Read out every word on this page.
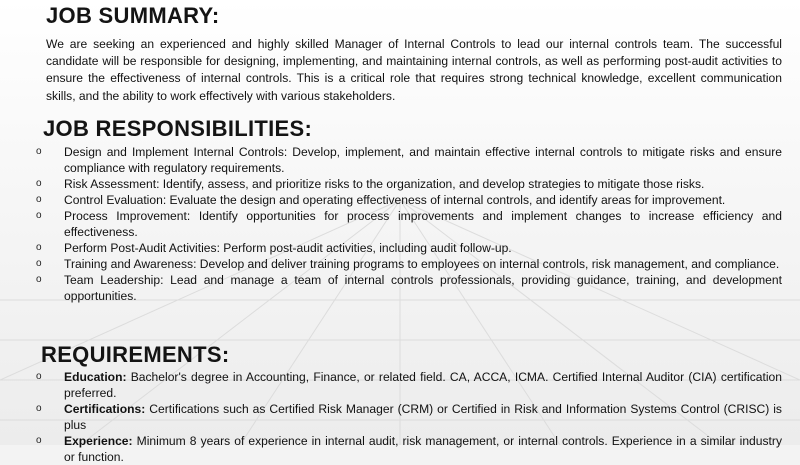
JOB SUMMARY:
We are seeking an experienced and highly skilled Manager of Internal Controls to lead our internal controls team. The successful candidate will be responsible for designing, implementing, and maintaining internal controls, as well as performing post-audit activities to ensure the effectiveness of internal controls. This is a critical role that requires strong technical knowledge, excellent communication skills, and the ability to work effectively with various stakeholders.
JOB RESPONSIBILITIES:
o Design and Implement Internal Controls: Develop, implement, and maintain effective internal controls to mitigate risks and ensure compliance with regulatory requirements.
o Risk Assessment: Identify, assess, and prioritize risks to the organization, and develop strategies to mitigate those risks.
o Control Evaluation: Evaluate the design and operating effectiveness of internal controls, and identify areas for improvement.
o Process Improvement: Identify opportunities for process improvements and implement changes to increase efficiency and effectiveness.
o Perform Post-Audit Activities: Perform post-audit activities, including audit follow-up.
o Training and Awareness: Develop and deliver training programs to employees on internal controls, risk management, and compliance.
o Team Leadership: Lead and manage a team of internal controls professionals, providing guidance, training, and development opportunities.
REQUIREMENTS:
o Education: Bachelor's degree in Accounting, Finance, or related field. CA, ACCA, ICMA. Certified Internal Auditor (CIA) certification preferred.
o Certifications: Certifications such as Certified Risk Manager (CRM) or Certified in Risk and Information Systems Control (CRISC) is plus
o Experience: Minimum 8 years of experience in internal audit, risk management, or internal controls. Experience in a similar industry or function.
